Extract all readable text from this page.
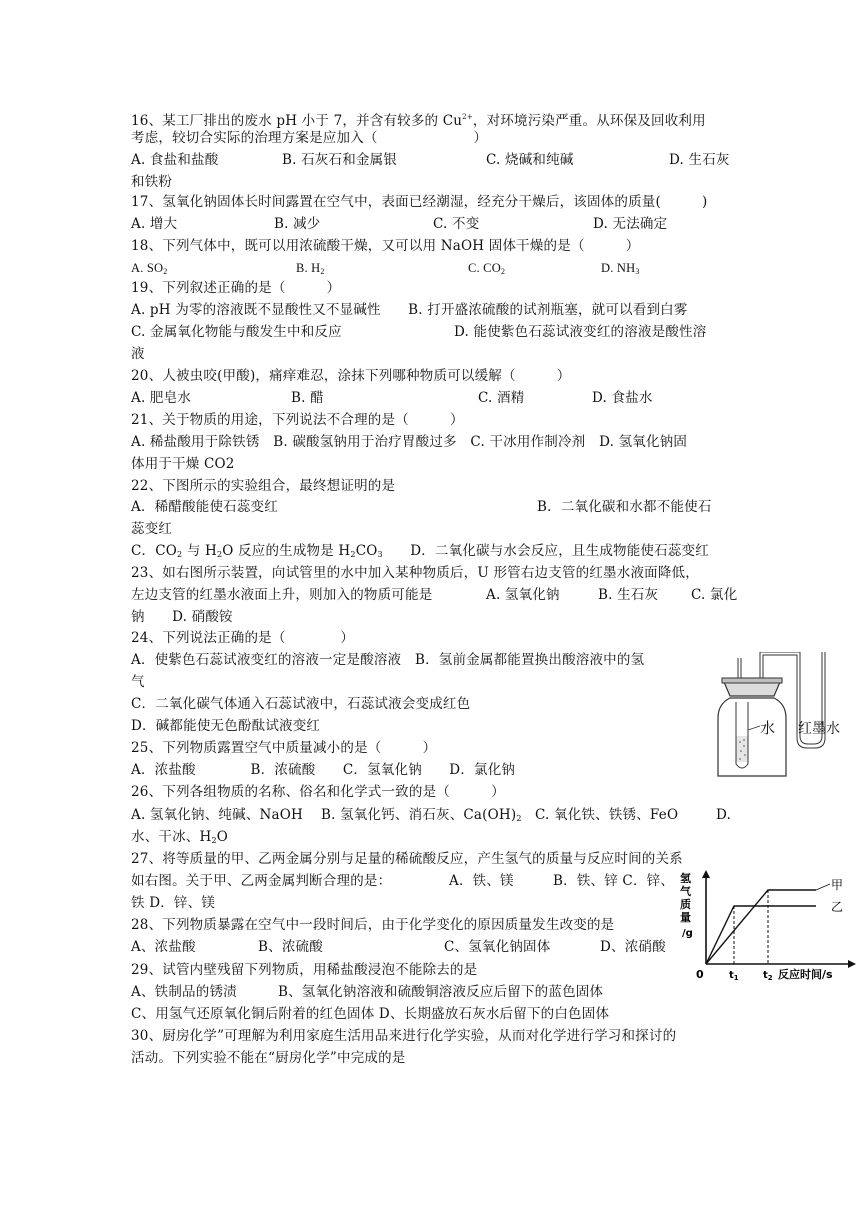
16、某工厂排出的废水 pH 小于 7，并含有较多的 $Cu^{2+}$，对环境污染严重。从环保及回收利用
考虑，较切合实际的治理方案是应加入（　　　　　　　）
A. 食盐和盐酸	B. 石灰石和金属银	C. 烧碱和纯碱	D. 生石灰
和铁粉
17、氢氧化钠固体长时间露置在空气中，表面已经潮湿，经充分干燥后，该固体的质量(　　　)
A. 增大	B. 减少	C. 不变	D. 无法确定
18、下列气体中，既可以用浓硫酸干燥，又可以用 NaOH 固体干燥的是（　　　）
A. $SO_2$	B. $H_2$	C. $CO_2$	D. $NH_3$
19、下列叙述正确的是（　　　）
A. pH 为零的溶液既不显酸性又不显碱性　　B. 打开盛浓硫酸的试剂瓶塞，就可以看到白雾
C. 金属氧化物能与酸发生中和反应	D. 能使紫色石蕊试液变红的溶液是酸性溶
液
20、人被虫咬(甲酸)，痛痒难忍，涂抹下列哪种物质可以缓解（　　　）
A. 肥皂水	B. 醋	C. 酒精	D. 食盐水
21、关于物质的用途，下列说法不合理的是（　　　）
A. 稀盐酸用于除铁锈　B. 碳酸氢钠用于治疗胃酸过多　C. 干冰用作制冷剂　D. 氢氧化钠固
体用于干燥 CO2
22、下图所示的实验组合，最终想证明的是
A．稀醋酸能使石蕊变红	B．二氧化碳和水都不能使石
蕊变红
C．$CO_2$ 与 $H_2O$ 反应的生成物是 $H_2CO_3$　　D．二氧化碳与水会反应，且生成物能使石蕊变红
23、如右图所示装置，向试管里的水中加入某种物质后，U 形管右边支管的红墨水液面降低，
左边支管的红墨水液面上升，则加入的物质可能是	A. 氢氧化钠	B. 生石灰 C. 氯化
钠　　D. 硝酸铵
24、下列说法正确的是（　　　　）
A．使紫色石蕊试液变红的溶液一定是酸溶液　B．氢前金属都能置换出酸溶液中的氢
气
C．二氧化碳气体通入石蕊试液中，石蕊试液会变成红色
D．碱都能使无色酚酞试液变红
25、下列物质露置空气中质量减小的是（　　　）
A．浓盐酸　　　　B．浓硫酸　　C．氢氧化钠　　D．氯化钠
26、下列各组物质的名称、俗名和化学式一致的是（　　　）
A. 氢氧化钠、纯碱、NaOH B. 氢氧化钙、消石灰、$Ca(OH)_2$ C. 氧化铁、铁锈、FeO	D.
水、干冰、$H_2O$
27、将等质量的甲、乙两金属分别与足量的稀硫酸反应，产生氢气的质量与反应时间的关系
如右图。关于甲、乙两金属判断合理的是：	A．铁、镁	B．铁、锌 C．锌、
铁 D．锌、镁
28、下列物质暴露在空气中一段时间后，由于化学变化的原因质量发生改变的是
A、浓盐酸	B、浓硫酸	C、氢氧化钠固体	D、浓硝酸
29、试管内壁残留下列物质，用稀盐酸浸泡不能除去的是
A、铁制品的锈渍　　　B、氢氧化钠溶液和硫酸铜溶液反应后留下的蓝色固体
C、用氢气还原氧化铜后附着的红色固体 D、长期盛放石灰水后留下的白色固体
30、厨房化学”可理解为利用家庭生活用品来进行化学实验，从而对化学进行学习和探讨的
活动。下列实验不能在“厨房化学”中完成的是
水 红墨水
氢
气
质
量
/g
甲
乙
0	$t_1$ $t_2$ 反应时间/s
